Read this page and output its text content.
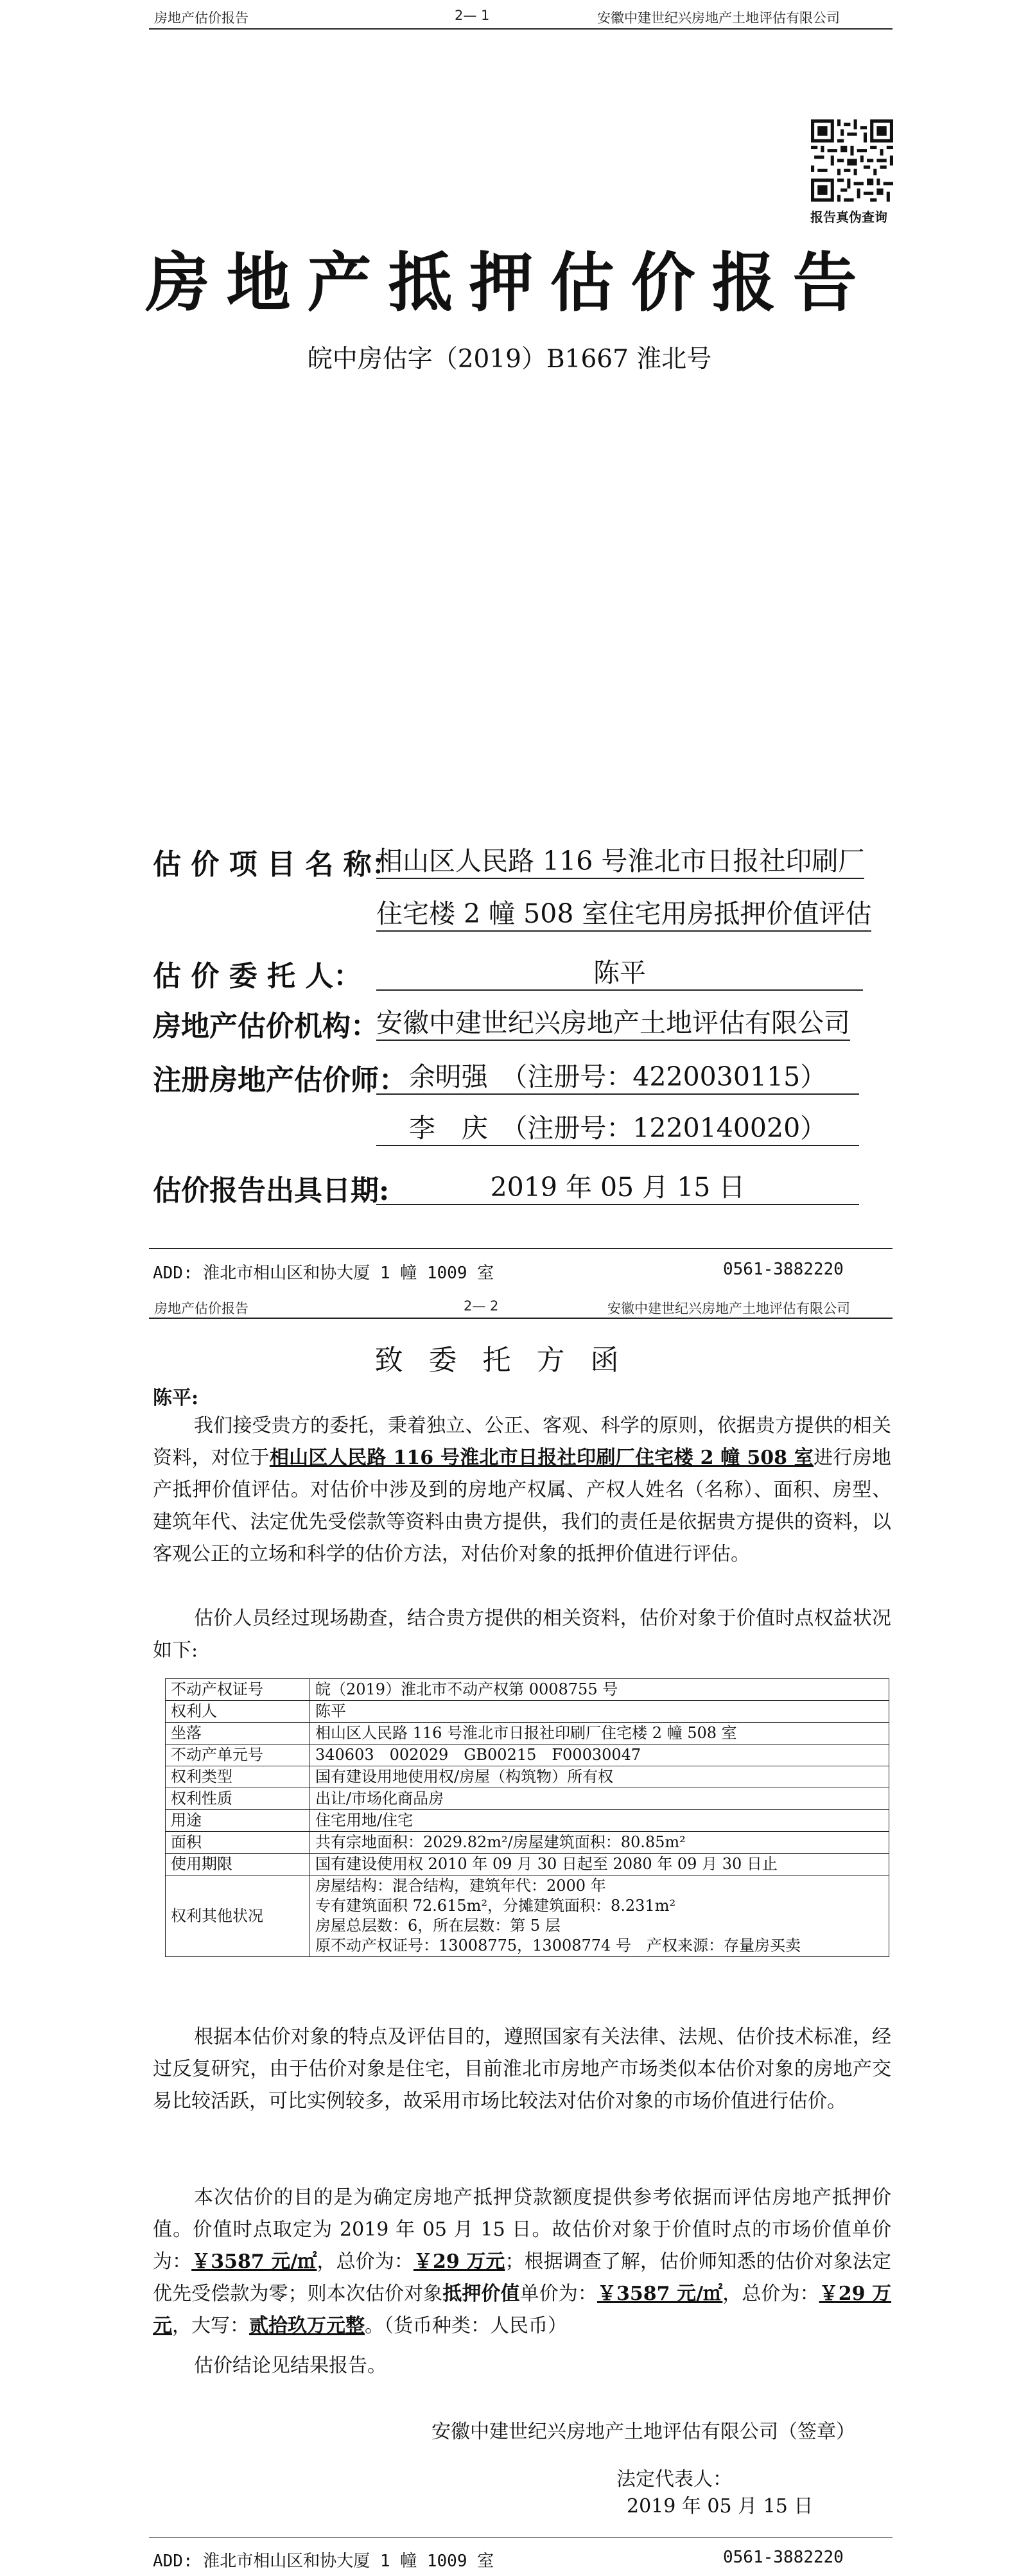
房地产估价报告	2— 1	安徽中建世纪兴房地产土地评估有限公司
报告真伪查询
房地产抵押估价报告
皖中房估字（2019）B1667 淮北号
估 价 项 目 名 称：
相山区人民路 116 号淮北市日报社印刷厂
住宅楼 2 幢 508 室住宅用房抵押价值评估
估 价 委 托 人：	陈平
房地产估价机构：
安徽中建世纪兴房地产土地评估有限公司
注册房地产估价师： 余明强　（注册号：4220030115）
李　庆　（注册号：1220140020）
估价报告出具日期:	2019 年 05 月 15 日
ADD: 淮北市相山区和协大厦 1 幢 1009 室	0561-3882220
房地产估价报告	2— 2	安徽中建世纪兴房地产土地评估有限公司
致委托方函
陈平:
我们接受贵方的委托，秉着独立、公正、客观、科学的原则，依据贵方提供的相关资料，对位于相山区人民路 116 号淮北市日报社印刷厂住宅楼 2 幢 508 室进行房地产抵押价值评估。对估价中涉及到的房地产权属、产权人姓名（名称）、面积、房型、建筑年代、法定优先受偿款等资料由贵方提供，我们的责任是依据贵方提供的资料，以客观公正的立场和科学的估价方法，对估价对象的抵押价值进行评估。
估价人员经过现场勘查，结合贵方提供的相关资料，估价对象于价值时点权益状况如下:
不动产权证号	皖（2019）淮北市不动产权第 0008755 号

权利人	陈平

坐落	相山区人民路 116 号淮北市日报社印刷厂住宅楼 2 幢 508 室

不动产单元号	340603　002029　GB00215　F00030047

权利类型	国有建设用地使用权/房屋（构筑物）所有权

权利性质	出让/市场化商品房

用途	住宅用地/住宅

面积	共有宗地面积：2029.82m²/房屋建筑面积：80.85m²

使用期限	国有建设使用权 2010 年 09 月 30 日起至 2080 年 09 月 30 日止

权利其他状况	房屋结构：混合结构，建筑年代：2000 年
专有建筑面积 72.615m²，分摊建筑面积：8.231m²
房屋总层数：6，所在层数：第 5 层
原不动产权证号：13008775，13008774 号　产权来源：存量房买卖
根据本估价对象的特点及评估目的，遵照国家有关法律、法规、估价技术标准，经过反复研究，由于估价对象是住宅，目前淮北市房地产市场类似本估价对象的房地产交易比较活跃，可比实例较多，故采用市场比较法对估价对象的市场价值进行估价。
本次估价的目的是为确定房地产抵押贷款额度提供参考依据而评估房地产抵押价值。价值时点取定为 2019 年 05 月 15 日。故估价对象于价值时点的市场价值单价为：￥3587 元/㎡，总价为：￥29 万元；根据调查了解，估价师知悉的估价对象法定优先受偿款为零；则本次估价对象抵押价值单价为：￥3587 元/㎡，总价为：￥29 万元，大写：贰拾玖万元整。（货币种类：人民币）
估价结论见结果报告。
安徽中建世纪兴房地产土地评估有限公司（签章）
法定代表人：
2019 年 05 月 15 日
ADD: 淮北市相山区和协大厦 1 幢 1009 室	0561-3882220
